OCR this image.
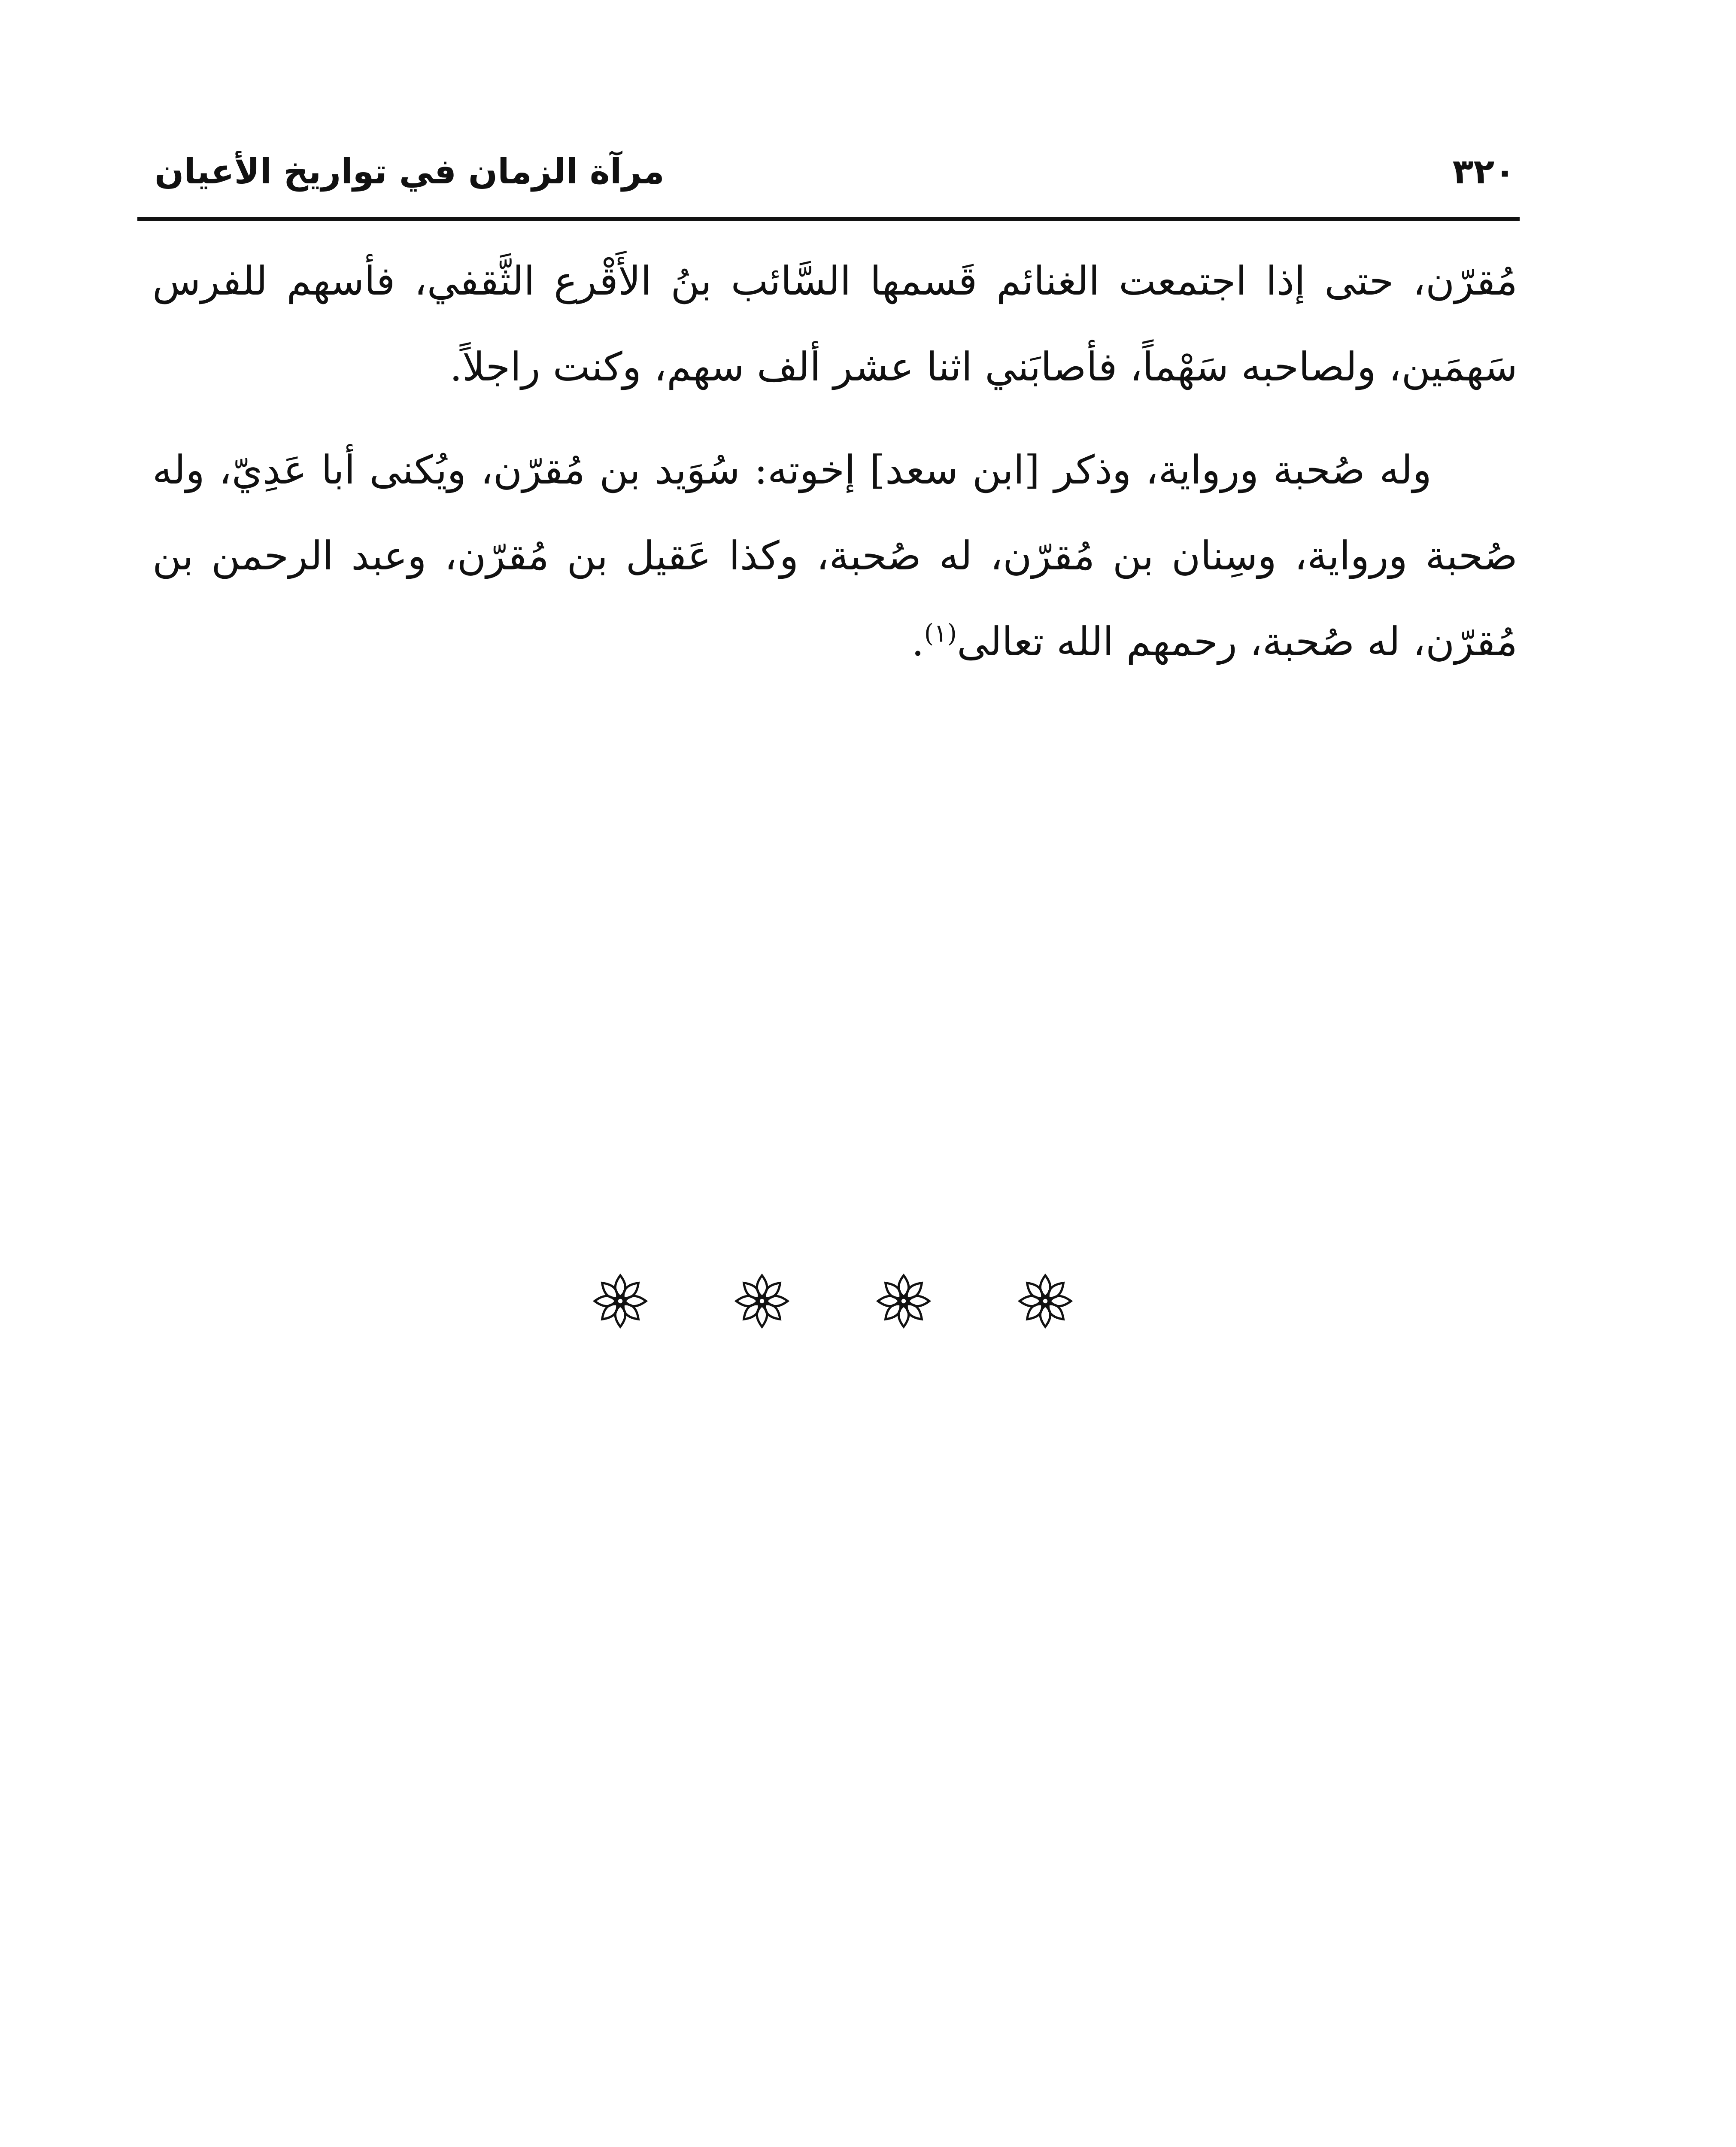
٣٢٠
مرآة الزمان في تواريخ الأعيان

مُقرّن، حتى إذا اجتمعت الغنائم قَسمها السَّائب بنُ الأَقْرع الثَّقفي، فأسهم للفرس سَهمَين، ولصاحبه سَهْماً، فأصابَني اثنا عشر ألف سهم، وكنت راجلاً.

وله صُحبة ورواية، وذكر [ابن سعد] إخوته: سُوَيد بن مُقرّن، ويُكنى أبا عَدِيّ، وله صُحبة ورواية، وسِنان بن مُقرّن، له صُحبة، وكذا عَقيل بن مُقرّن، وعبد الرحمن بن مُقرّن، له صُحبة، رحمهم الله تعالى$^{(١)}$.
